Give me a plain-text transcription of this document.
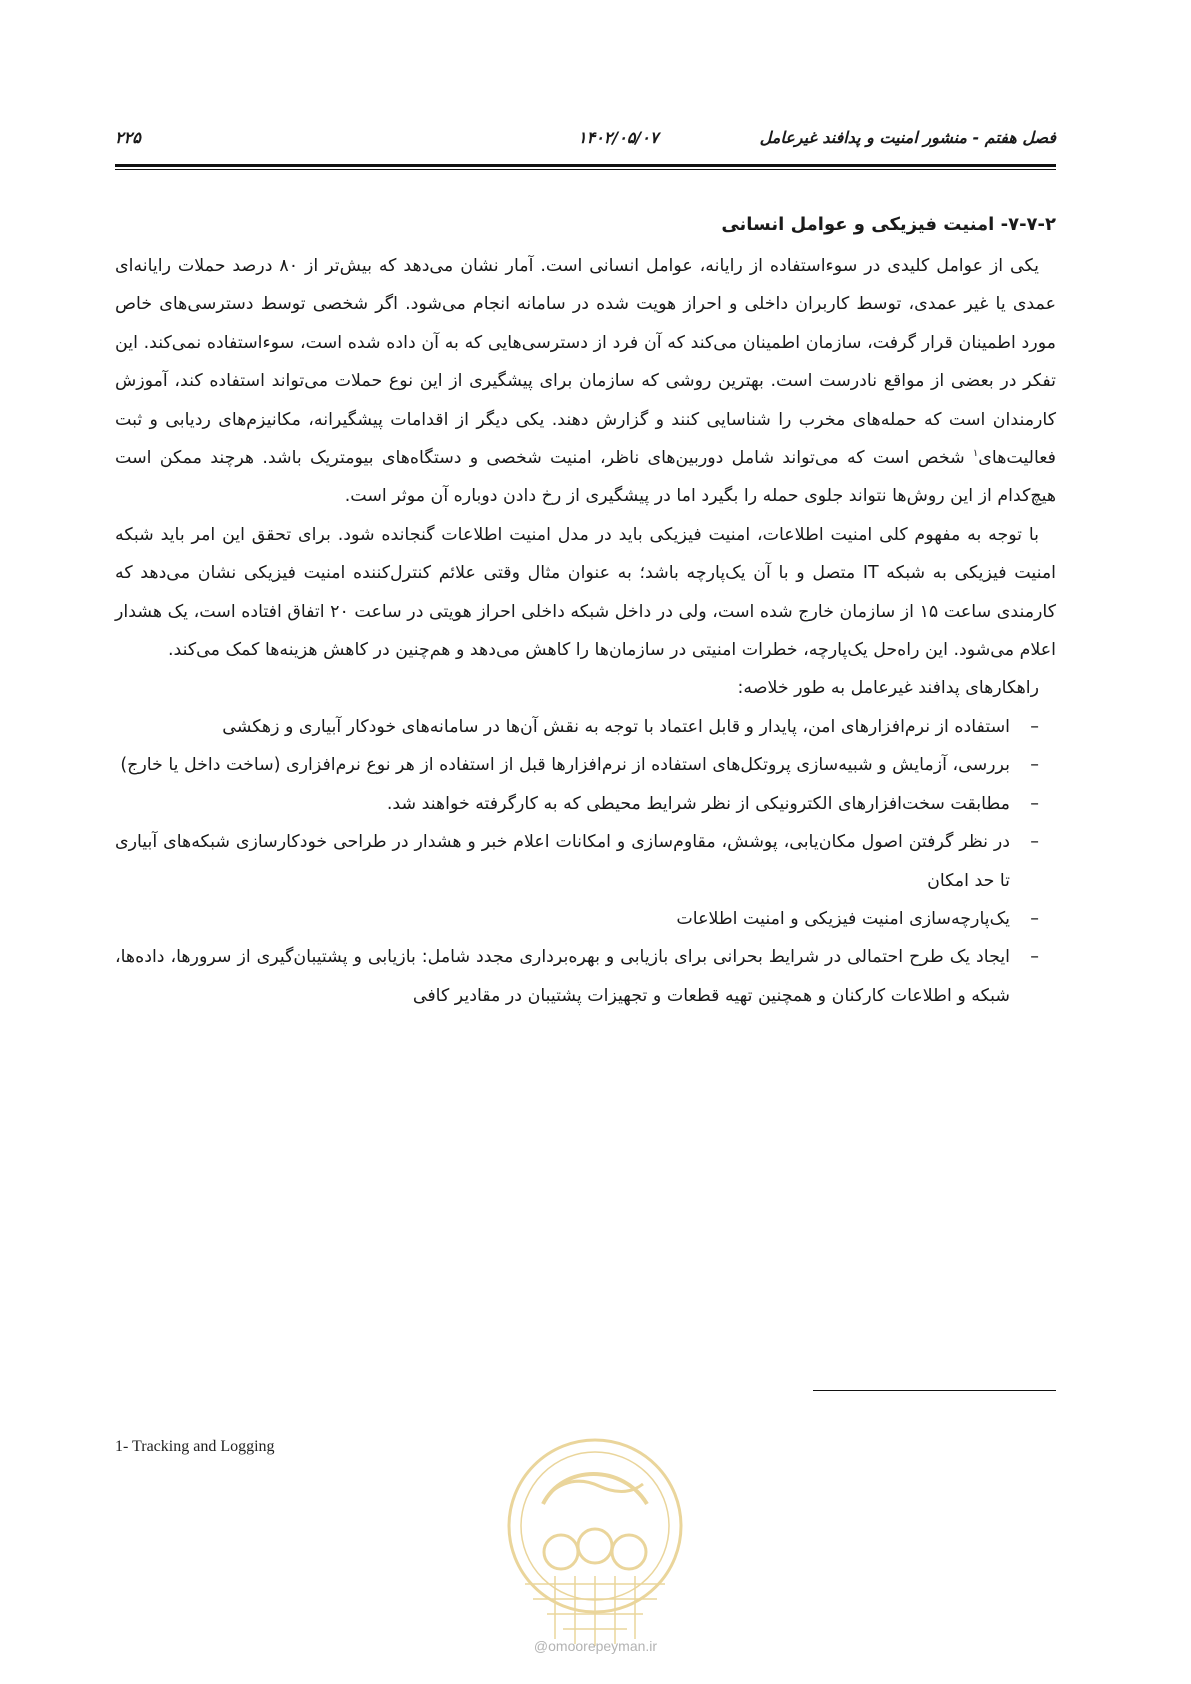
فصل هفتم - منشور امنیت و پدافند غیرعامل
۱۴۰۲/۰۵/۰۷
۲۲۵
۷-۷-۲- امنیت فیزیکی و عوامل انسانی

یکی از عوامل کلیدی در سوءاستفاده از رایانه، عوامل انسانی است. آمار نشان می‌دهد که بیش‌تر از ۸۰ درصد حملات رایانه‌ای عمدی یا غیر عمدی، توسط کاربران داخلی و احراز هویت شده در سامانه انجام می‌شود. اگر شخصی توسط دسترسی‌های خاص مورد اطمینان قرار گرفت، سازمان اطمینان می‌کند که آن فرد از دسترسی‌هایی که به آن داده شده است، سوءاستفاده نمی‌کند. این تفکر در بعضی از مواقع نادرست است. بهترین روشی که سازمان برای پیشگیری از این نوع حملات می‌تواند استفاده کند، آموزش کارمندان است که حمله‌های مخرب را شناسایی کنند و گزارش دهند. یکی دیگر از اقدامات پیشگیرانه، مکانیزم‌های ردیابی و ثبت فعالیت‌های$^۱$ شخص است که می‌تواند شامل دوربین‌های ناظر، امنیت شخصی و دستگاه‌های بیومتریک باشد. هرچند ممکن است هیچ‌کدام از این روش‌ها نتواند جلوی حمله را بگیرد اما در پیشگیری از رخ دادن دوباره آن موثر است.

با توجه به مفهوم کلی امنیت اطلاعات، امنیت فیزیکی باید در مدل امنیت اطلاعات گنجانده شود. برای تحقق این امر باید شبکه امنیت فیزیکی به شبکه IT متصل و با آن یک‌پارچه باشد؛ به عنوان مثال وقتی علائم کنترل‌کننده امنیت فیزیکی نشان می‌دهد که کارمندی ساعت ۱۵ از سازمان خارج شده است، ولی در داخل شبکه داخلی احراز هویتی در ساعت ۲۰ اتفاق افتاده است، یک هشدار اعلام می‌شود. این راه‌حل یک‌پارچه، خطرات امنیتی در سازمان‌ها را کاهش می‌دهد و هم‌چنین در کاهش هزینه‌ها کمک می‌کند.

راهکارهای پدافند غیرعامل به طور خلاصه:

–
استفاده از نرم‌افزارهای امن، پایدار و قابل اعتماد با توجه به نقش آن‌ها در سامانه‌های خودکار آبیاری و زهکشی
–
بررسی، آزمایش و شبیه‌سازی پروتکل‌های استفاده از نرم‌افزارها قبل از استفاده از هر نوع نرم‌افزاری (ساخت داخل یا خارج)
–
مطابقت سخت‌افزارهای الکترونیکی از نظر شرایط محیطی که به کارگرفته خواهند شد.
–
در نظر گرفتن اصول مکان‌یابی، پوشش، مقاوم‌سازی و امکانات اعلام خبر و هشدار در طراحی خودکارسازی شبکه‌های آبیاری تا حد امکان
–
یک‌پارچه‌سازی امنیت فیزیکی و امنیت اطلاعات
–
ایجاد یک طرح احتمالی در شرایط بحرانی برای بازیابی و بهره‌برداری مجدد شامل: بازیابی و پشتیبان‌گیری از سرورها، داده‌ها، شبکه و اطلاعات کارکنان و همچنین تهیه قطعات و تجهیزات پشتیبان در مقادیر کافی
1- Tracking and Logging
@omoorepeyman.ir
